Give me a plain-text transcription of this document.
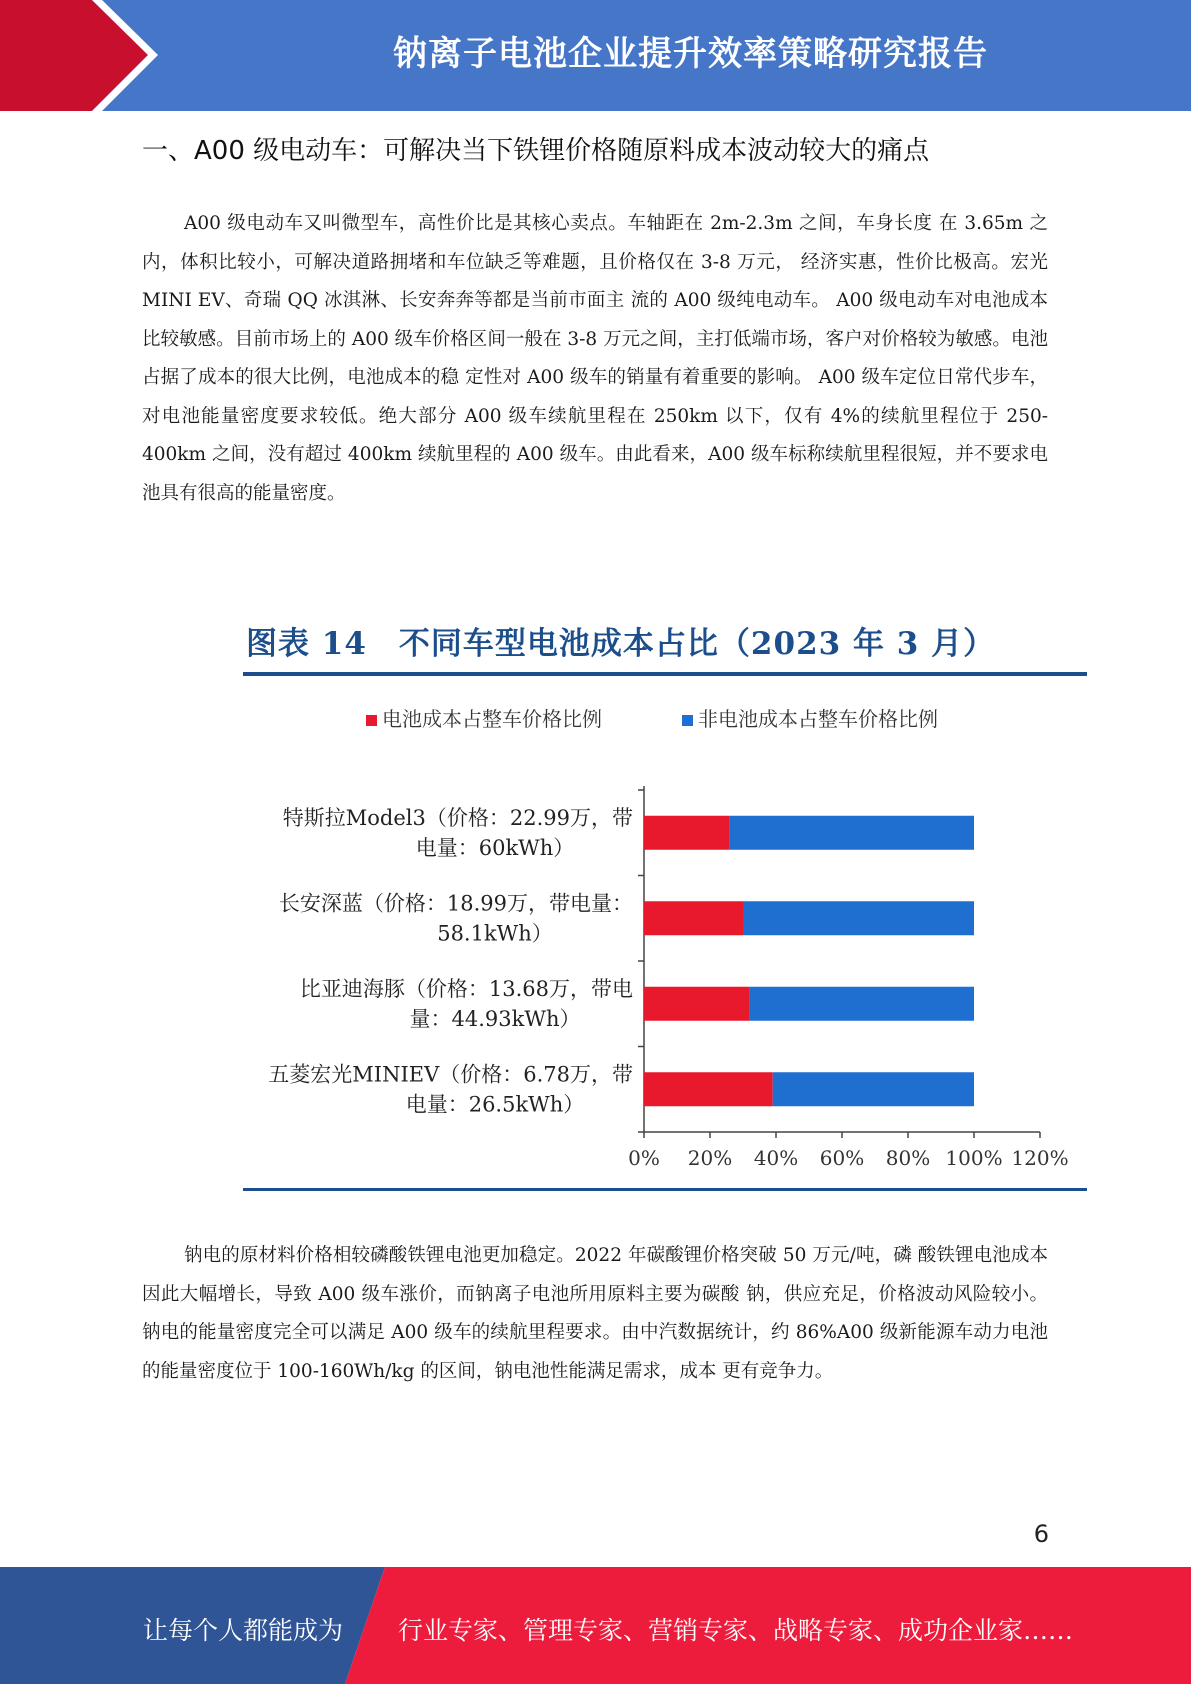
钠离子电池企业提升效率策略研究报告
一、A00 级电动车：可解决当下铁锂价格随原料成本波动较大的痛点

A00 级电动车又叫微型车，高性价比是其核心卖点。车轴距在 2m-2.3m 之间，车身长度 在 3.65m 之内，体积比较小，可解决道路拥堵和车位缺乏等难题，且价格仅在 3-8 万元， 经济实惠，性价比极高。宏光 MINI EV、奇瑞 QQ 冰淇淋、长安奔奔等都是当前市面主 流的 A00 级纯电动车。 A00 级电动车对电池成本比较敏感。目前市场上的 A00 级车价格区间一般在 3-8 万元之间，主打低端市场，客户对价格较为敏感。电池占据了成本的很大比例，电池成本的稳 定性对 A00 级车的销量有着重要的影响。 A00 级车定位日常代步车，对电池能量密度要求较低。绝大部分 A00 级车续航里程在 250km 以下，仅有 4%的续航里程位于 250-400km 之间，没有超过 400km 续航里程的 A00 级车。由此看来，A00 级车标称续航里程很短，并不要求电池具有很高的能量密度。

图表 14　不同车型电池成本占比（2023 年 3 月）
电池成本占整车价格比例	非电池成本占整车价格比例
0% 20% 40% 60% 80% 100% 120%
特斯拉Model3（价格：22.99万，带
电量：60kWh）
长安深蓝（价格：18.99万，带电量：
58.1kWh）
比亚迪海豚（价格：13.68万，带电
量：44.93kWh）
五菱宏光MINIEV（价格：6.78万，带
电量：26.5kWh）

钠电的原材料价格相较磷酸铁锂电池更加稳定。2022 年碳酸锂价格突破 50 万元/吨，磷 酸铁锂电池成本因此大幅增长，导致 A00 级车涨价，而钠离子电池所用原料主要为碳酸 钠，供应充足，价格波动风险较小。 钠电的能量密度完全可以满足 A00 级车的续航里程要求。由中汽数据统计，约 86%A00 级新能源车动力电池的能量密度位于 100-160Wh/kg 的区间，钠电池性能满足需求，成本 更有竞争力。

6
让每个人都能成为 行业专家、管理专家、营销专家、战略专家、成功企业家……
